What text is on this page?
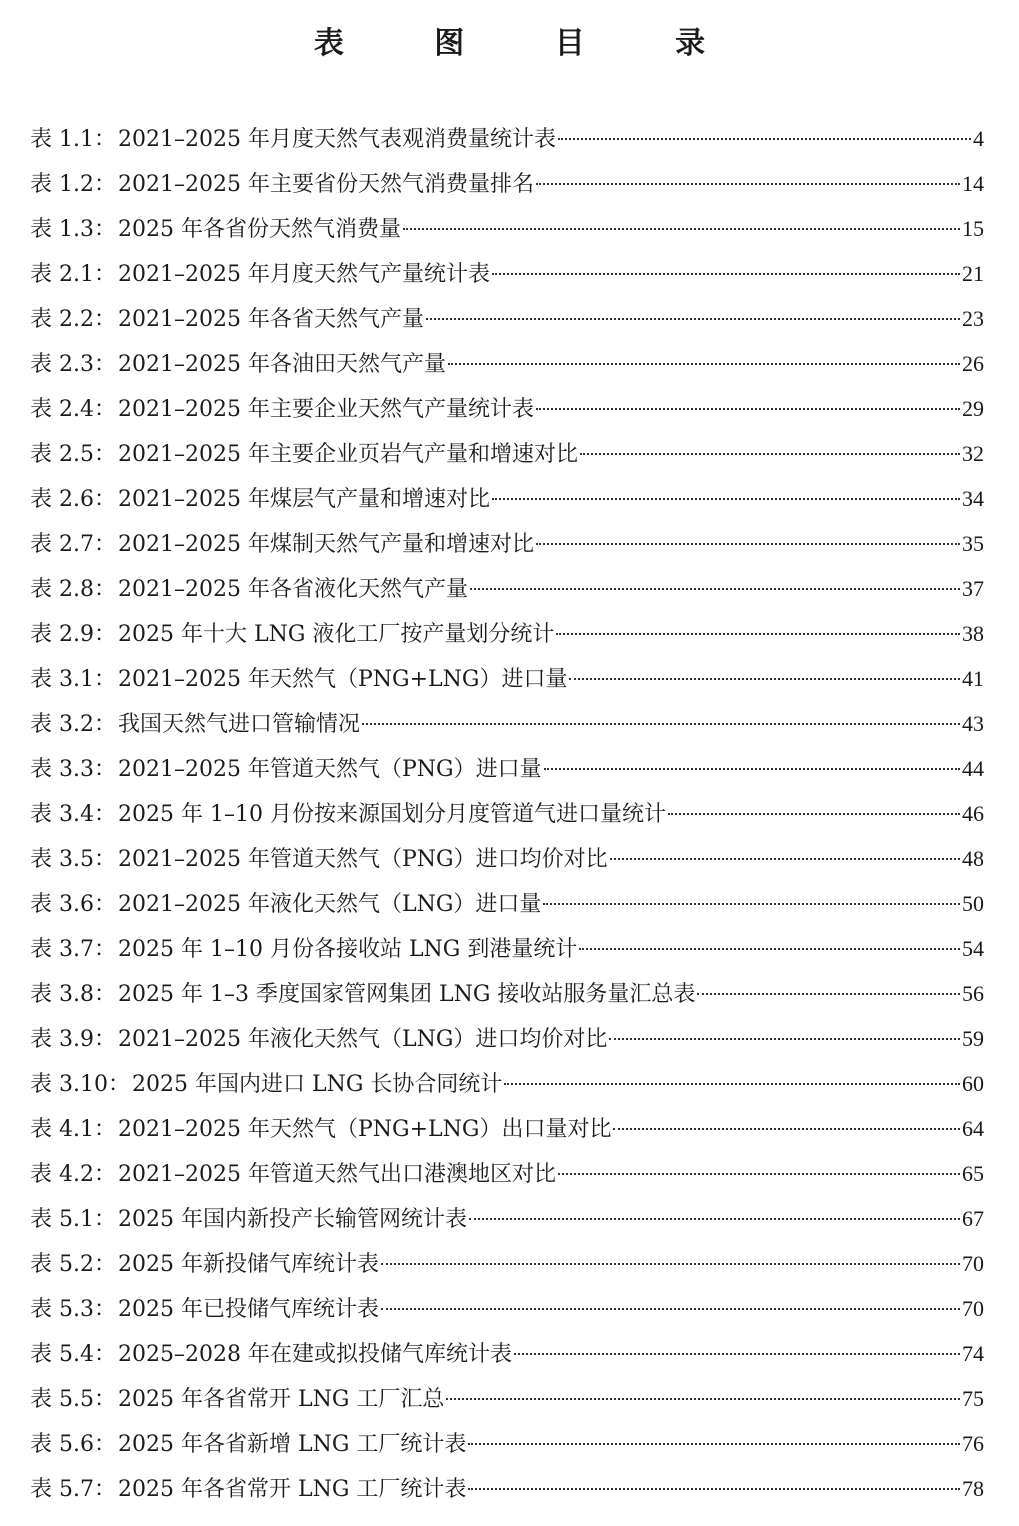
表 图 目 录
表 1.1 ： 2021–2025 年月度天然气表观消费量统计表	4
表 1.2 ： 2021–2025 年主要省份天然气消费量排名	14
表 1.3 ： 2025 年各省份天然气消费量	15
表 2.1 ： 2021–2025 年月度天然气产量统计表	21
表 2.2 ： 2021–2025 年各省天然气产量	23
表 2.3 ： 2021–2025 年各油田天然气产量	26
表 2.4 ： 2021–2025 年主要企业天然气产量统计表	29
表 2.5 ： 2021–2025 年主要企业页岩气产量和增速对比	32
表 2.6 ： 2021–2025 年煤层气产量和增速对比	34
表 2.7 ： 2021–2025 年煤制天然气产量和增速对比	35
表 2.8 ： 2021–2025 年各省液化天然气产量	37
表 2.9 ： 2025 年十大 LNG 液化工厂按产量划分统计	38
表 3.1 ： 2021–2025 年天然气（PNG+LNG）进口量	41
表 3.2 ： 我国天然气进口管输情况	43
表 3.3 ： 2021–2025 年管道天然气（PNG）进口量	44
表 3.4 ： 2025 年 1–10 月份按来源国划分月度管道气进口量统计	46
表 3.5 ： 2021–2025 年管道天然气（PNG）进口均价对比	48
表 3.6 ： 2021–2025 年液化天然气（LNG）进口量	50
表 3.7 ： 2025 年 1–10 月份各接收站 LNG 到港量统计	54
表 3.8 ： 2025 年 1–3 季度国家管网集团 LNG 接收站服务量汇总表	56
表 3.9 ： 2021–2025 年液化天然气（LNG）进口均价对比	59
表 3.10 ： 2025 年国内进口 LNG 长协合同统计	60
表 4.1 ： 2021–2025 年天然气（PNG+LNG）出口量对比	64
表 4.2 ： 2021–2025 年管道天然气出口港澳地区对比	65
表 5.1 ： 2025 年国内新投产长输管网统计表	67
表 5.2 ： 2025 年新投储气库统计表	70
表 5.3 ： 2025 年已投储气库统计表	70
表 5.4 ： 2025–2028 年在建或拟投储气库统计表	74
表 5.5 ： 2025 年各省常开 LNG 工厂汇总	75
表 5.6 ： 2025 年各省新增 LNG 工厂统计表	76
表 5.7 ： 2025 年各省常开 LNG 工厂统计表	78
